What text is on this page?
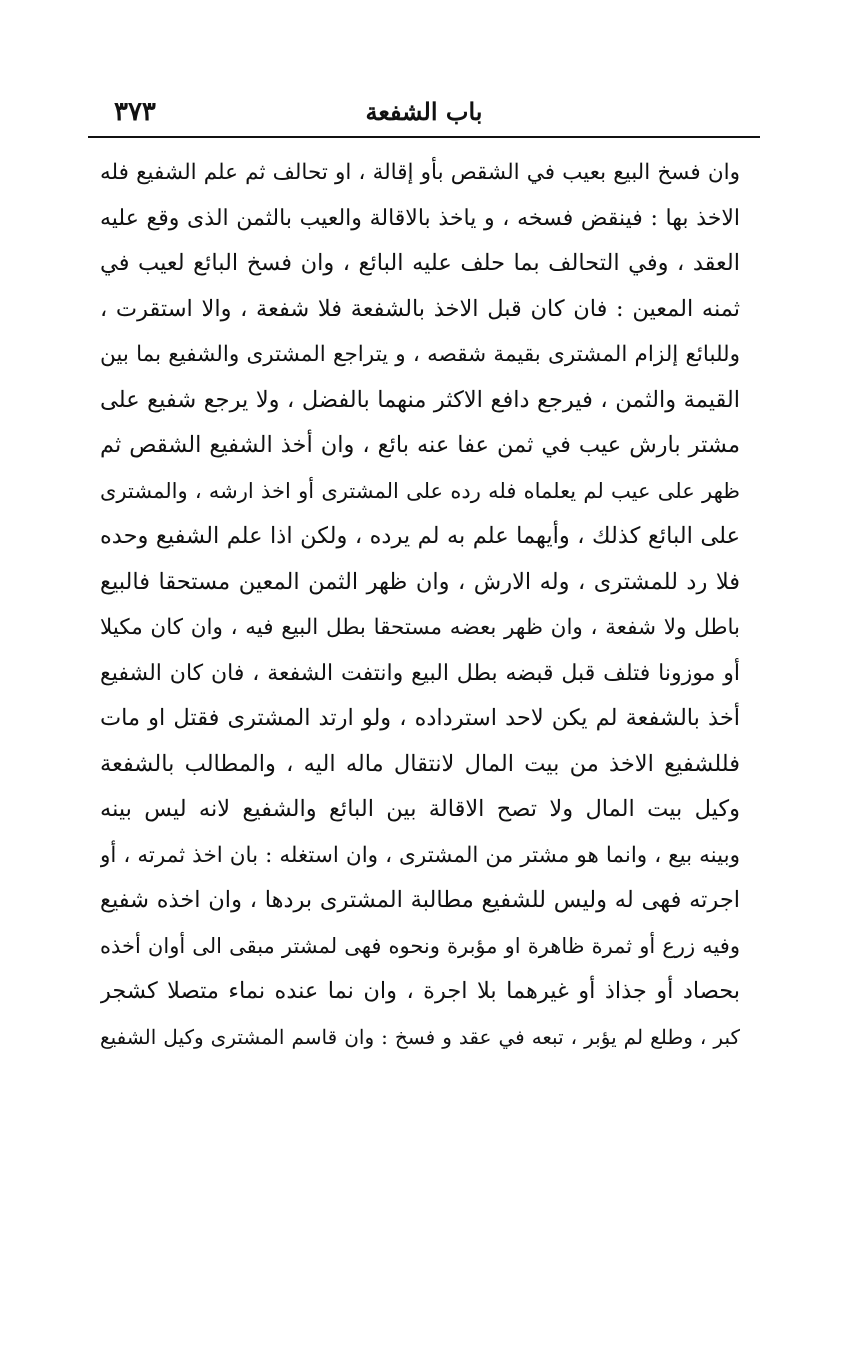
باب الشفعة
٣٧٣
وان فسخ البيع بعيب في الشقص بأو إقالة ، او تحالف ثم علم الشفيع فله
الاخذ بها : فينقض فسخه ، و ياخذ بالاقالة والعيب بالثمن الذى وقع عليه
العقد ، وفي التحالف بما حلف عليه البائع ، وان فسخ البائع لعيب في
ثمنه المعين : فان كان قبل الاخذ بالشفعة فلا شفعة ، والا استقرت ،
وللبائع إلزام المشترى بقيمة شقصه ، و يتراجع المشترى والشفيع بما بين
القيمة والثمن ، فيرجع دافع الاكثر منهما بالفضل ، ولا يرجع شفيع على
مشتر بارش عيب في ثمن عفا عنه بائع ، وان أخذ الشفيع الشقص ثم
ظهر على عيب لم يعلماه فله رده على المشترى أو اخذ ارشه ، والمشترى
على البائع كذلك ، وأيهما علم به لم يرده ، ولكن اذا علم الشفيع وحده
فلا رد للمشترى ، وله الارش ، وان ظهر الثمن المعين مستحقا فالبيع
باطل ولا شفعة ، وان ظهر بعضه مستحقا بطل البيع فيه ، وان كان مكيلا
أو موزونا فتلف قبل قبضه بطل البيع وانتفت الشفعة ، فان كان الشفيع
أخذ بالشفعة لم يكن لاحد استرداده ، ولو ارتد المشترى فقتل او مات
فللشفيع الاخذ من بيت المال لانتقال ماله اليه ، والمطالب بالشفعة
وكيل بيت المال ولا تصح الاقالة بين البائع والشفيع لانه ليس بينه
وبينه بيع ، وانما هو مشتر من المشترى ، وان استغله : بان اخذ ثمرته ، أو
اجرته فهى له وليس للشفيع مطالبة المشترى بردها ، وان اخذه شفيع
وفيه زرع أو ثمرة ظاهرة او مؤبرة ونحوه فهى لمشتر مبقى الى أوان أخذه
بحصاد أو جذاذ أو غيرهما بلا اجرة ، وان نما عنده نماء متصلا كشجر
كبر ، وطلع لم يؤبر ، تبعه في عقد و فسخ : وان قاسم المشترى وكيل الشفيع
